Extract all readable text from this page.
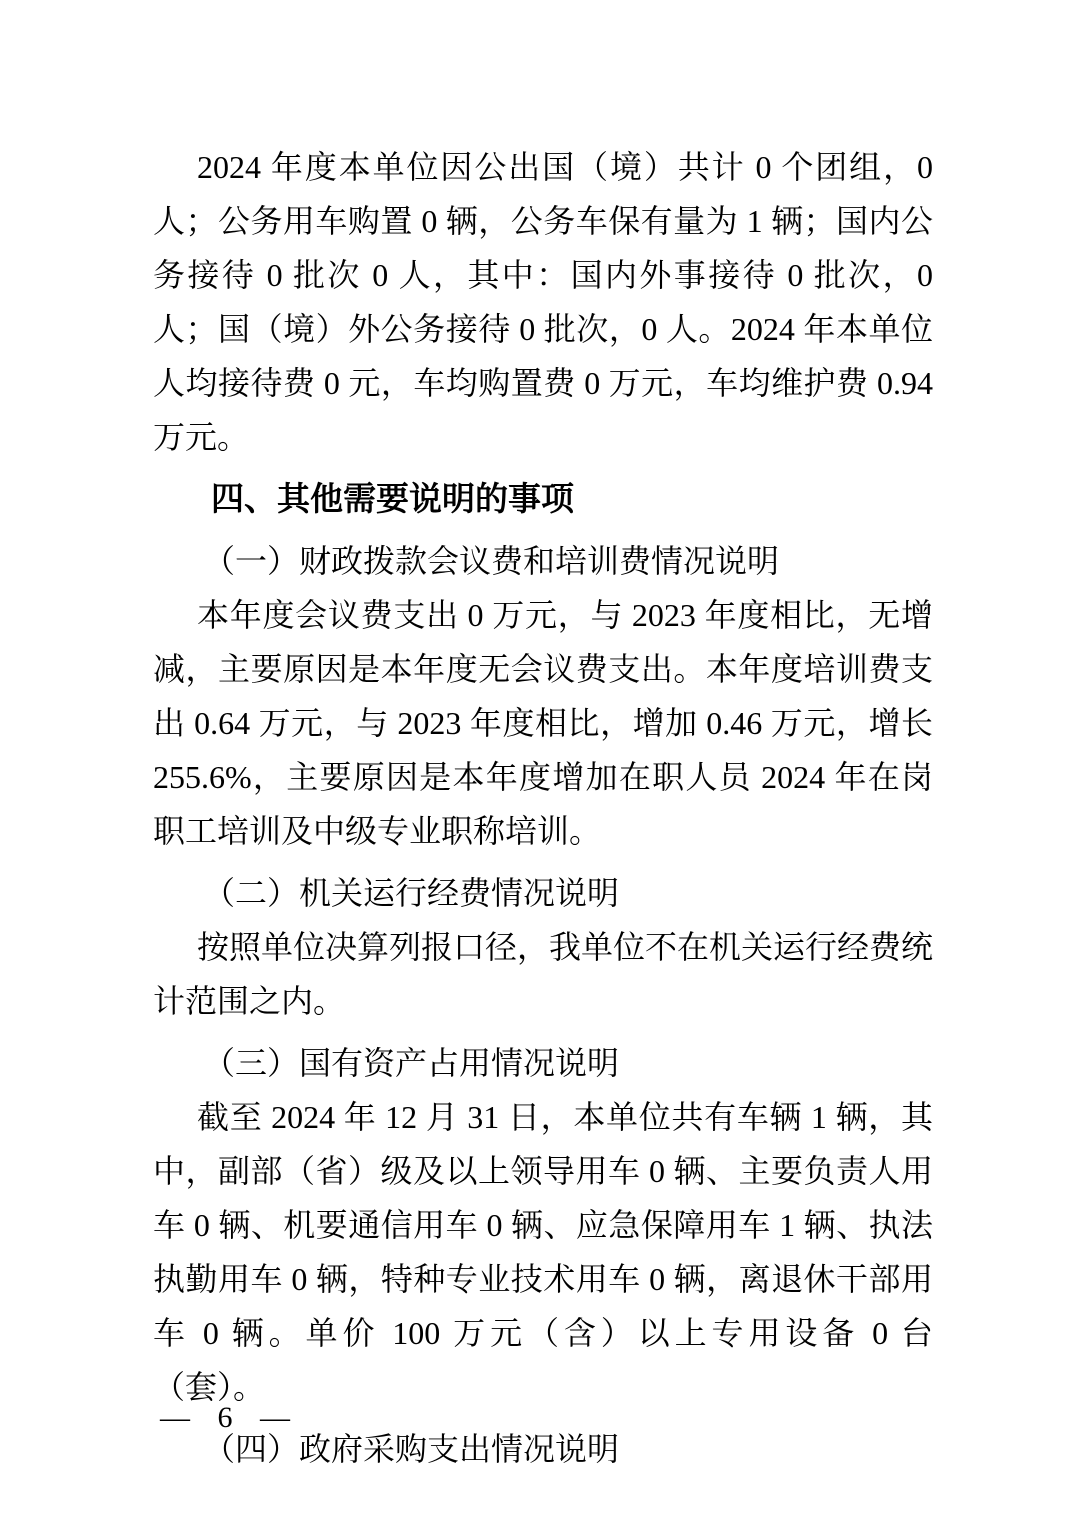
2024 年度本单位因公出国（境）共计 0 个团组，0 人；公务用车购置 0 辆，公务车保有量为 1 辆；国内公务接待 0 批次 0 人，其中：国内外事接待 0 批次，0 人；国（境）外公务接待 0 批次，0 人。2024 年本单位人均接待费 0 元，车均购置费 0 万元，车均维护费 0.94 万元。

四、其他需要说明的事项
（一）财政拨款会议费和培训费情况说明

本年度会议费支出 0 万元，与 2023 年度相比，无增减，主要原因是本年度无会议费支出。本年度培训费支出 0.64 万元，与 2023 年度相比，增加 0.46 万元，增长 255.6%，主要原因是本年度增加在职人员 2024 年在岗职工培训及中级专业职称培训。

（二）机关运行经费情况说明

按照单位决算列报口径，我单位不在机关运行经费统计范围之内。

（三）国有资产占用情况说明

截至 2024 年 12 月 31 日，本单位共有车辆 1 辆，其中，副部（省）级及以上领导用车 0 辆、主要负责人用车 0 辆、机要通信用车 0 辆、应急保障用车 1 辆、执法执勤用车 0 辆，特种专业技术用车 0 辆，离退休干部用车 0 辆。单价 100 万元（含）以上专用设备 0 台（套）。

（四）政府采购支出情况说明
— 6 —
